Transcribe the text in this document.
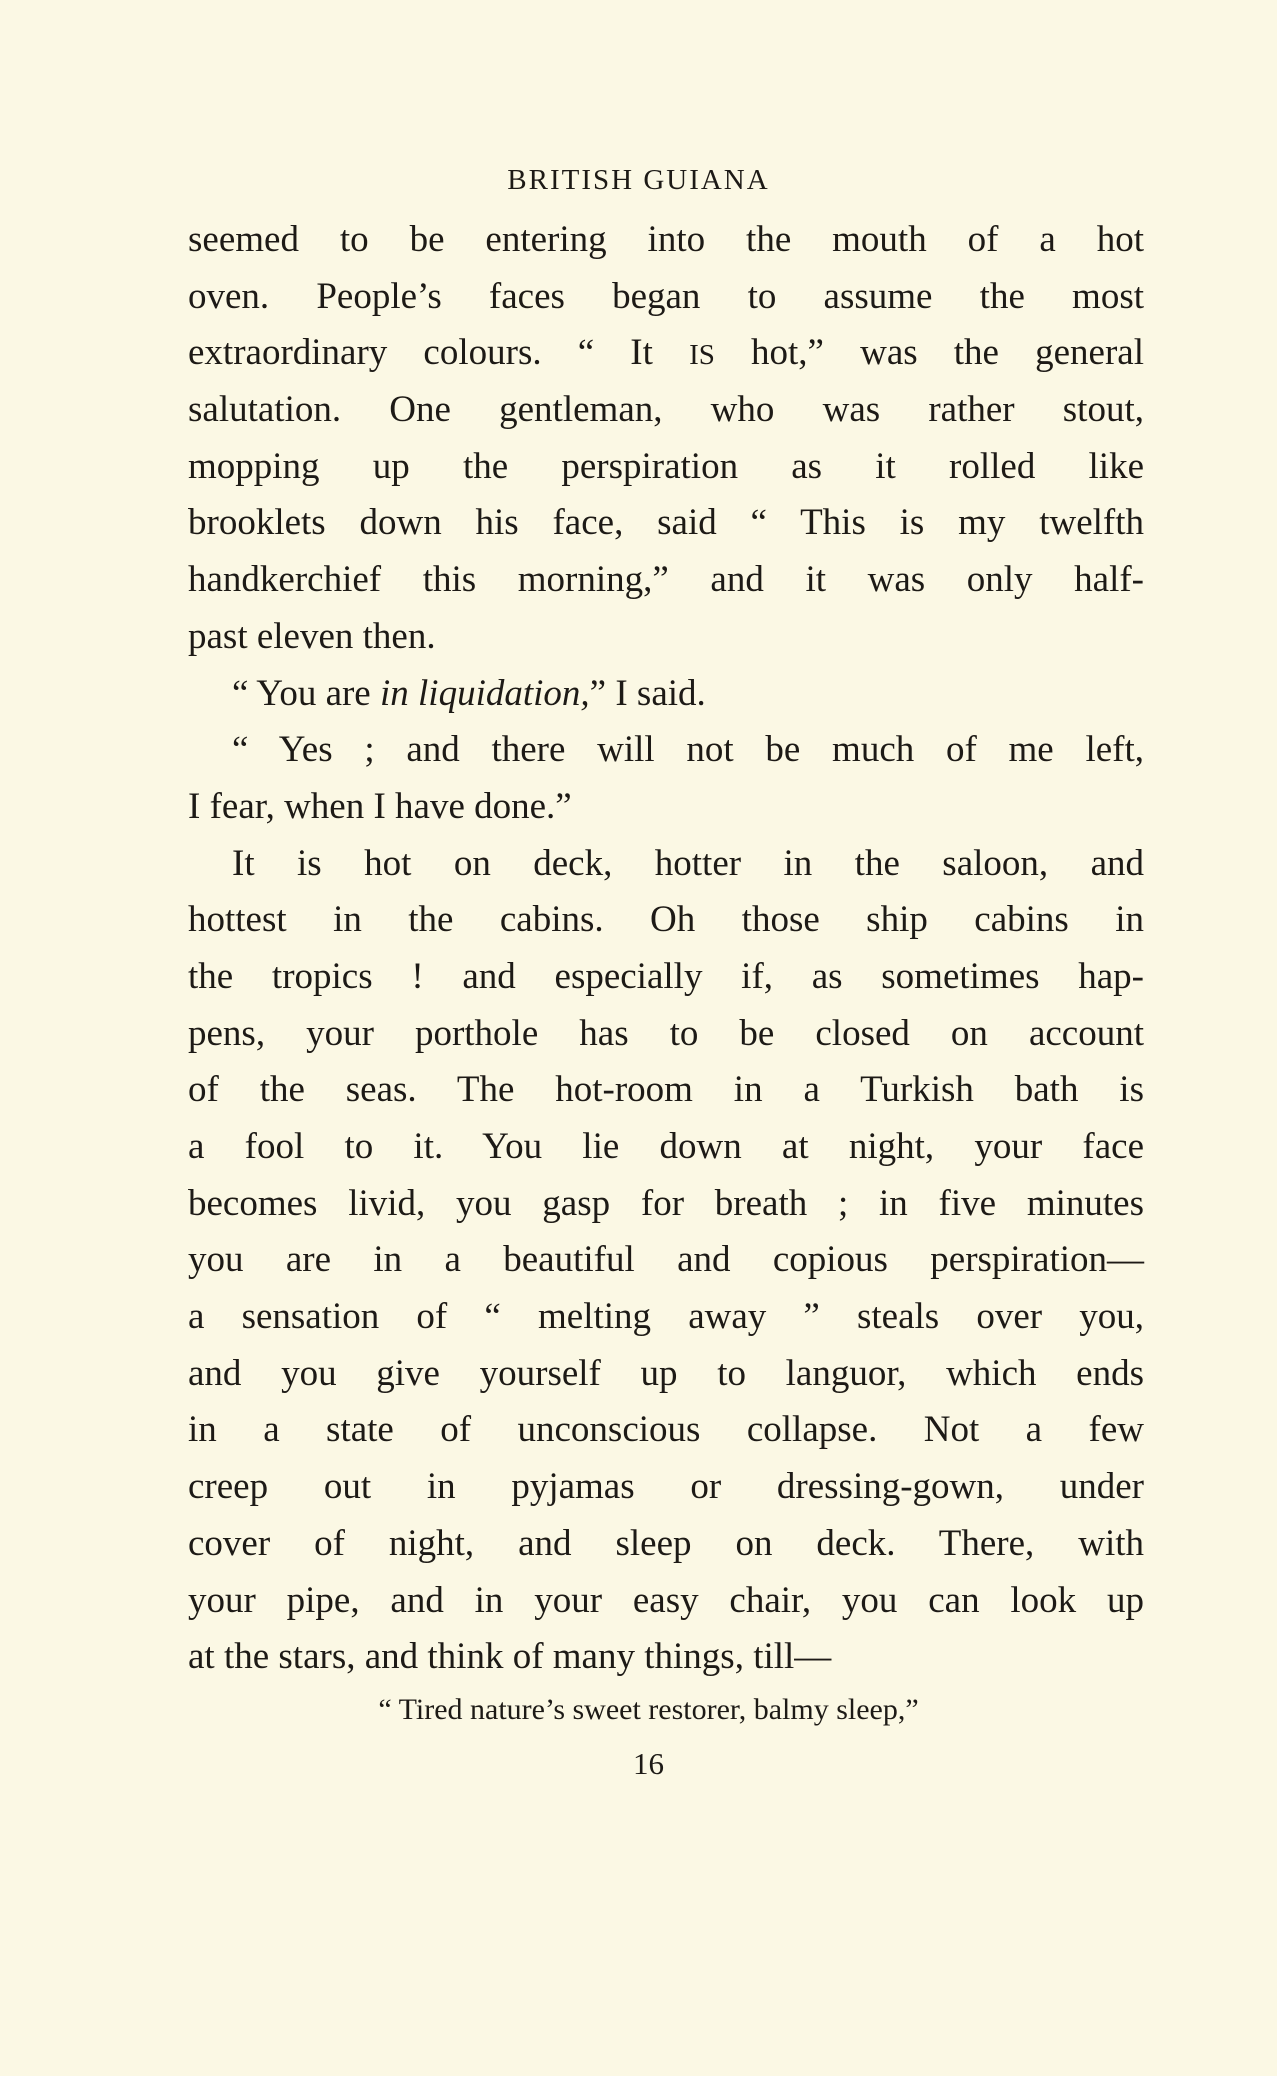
BRITISH GUIANA
seemed to be entering into the mouth of a hot
oven. People’s faces began to assume the most
extraordinary colours. “ It IS hot,” was the general
salutation. One gentleman, who was rather stout,
mopping up the perspiration as it rolled like
brooklets down his face, said “ This is my twelfth
handkerchief this morning,” and it was only half-
past eleven then.
“ You are in liquidation,” I said.
“ Yes ; and there will not be much of me left,
I fear, when I have done.”
It is hot on deck, hotter in the saloon, and
hottest in the cabins. Oh those ship cabins in
the tropics ! and especially if, as sometimes hap-
pens, your porthole has to be closed on account
of the seas. The hot-room in a Turkish bath is
a fool to it. You lie down at night, your face
becomes livid, you gasp for breath ; in five minutes
you are in a beautiful and copious perspiration—
a sensation of “ melting away ” steals over you,
and you give yourself up to languor, which ends
in a state of unconscious collapse. Not a few
creep out in pyjamas or dressing-gown, under
cover of night, and sleep on deck. There, with
your pipe, and in your easy chair, you can look up
at the stars, and think of many things, till—
“ Tired nature’s sweet restorer, balmy sleep,”
16
